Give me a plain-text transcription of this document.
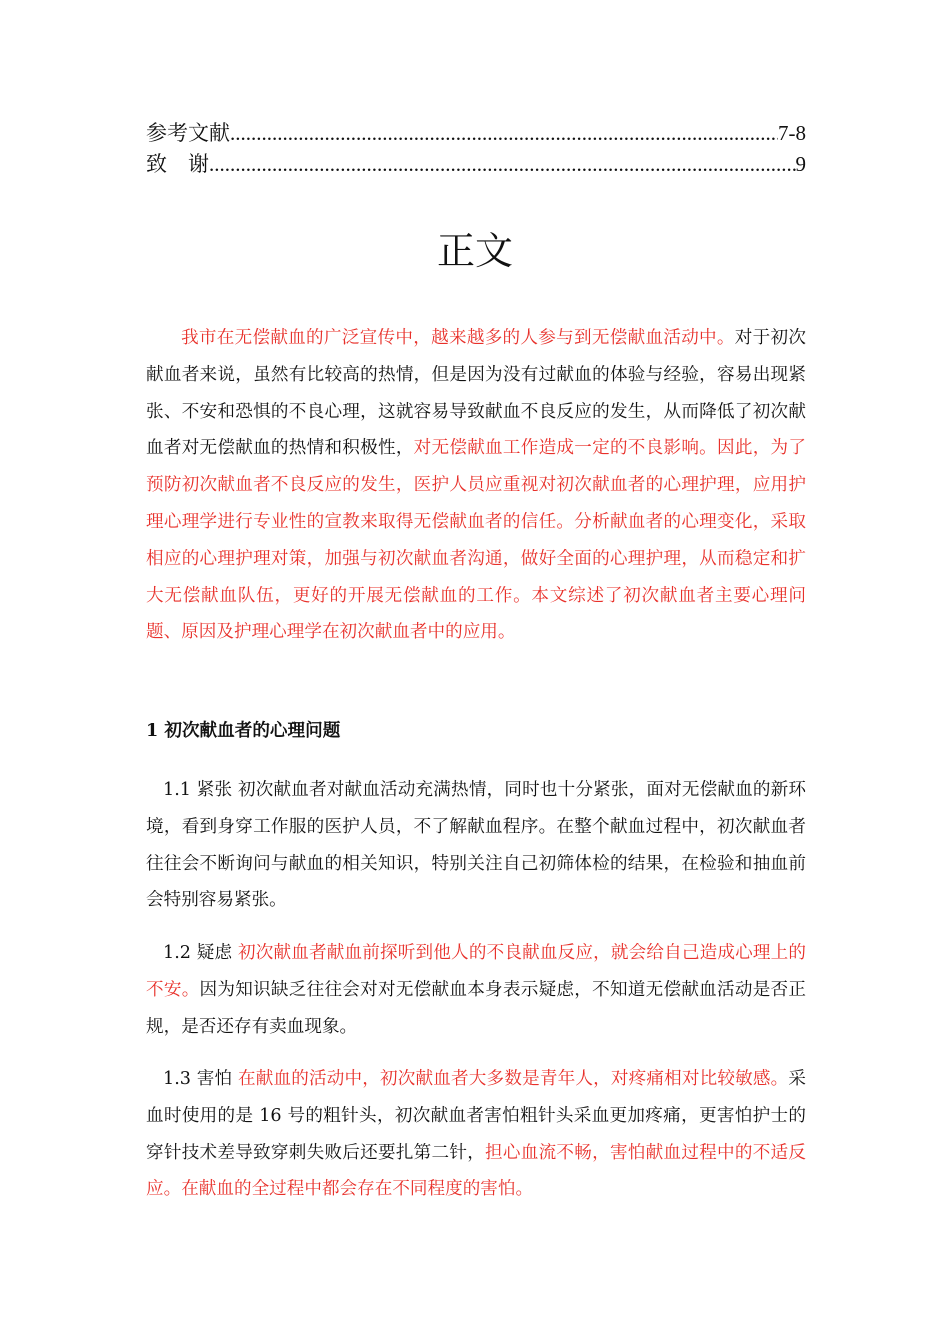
参考文献 .....	7-8
致　谢 .....	9
正文

我市在无偿献血的广泛宣传中，越来越多的人参与到无偿献血活动中。对于初次献血者来说，虽然有比较高的热情，但是因为没有过献血的体验与经验，容易出现紧张、不安和恐惧的不良心理，这就容易导致献血不良反应的发生，从而降低了初次献血者对无偿献血的热情和积极性，对无偿献血工作造成一定的不良影响。因此，为了预防初次献血者不良反应的发生，医护人员应重视对初次献血者的心理护理，应用护理心理学进行专业性的宣教来取得无偿献血者的信任。分析献血者的心理变化，采取相应的心理护理对策，加强与初次献血者沟通，做好全面的心理护理，从而稳定和扩大无偿献血队伍，更好的开展无偿献血的工作。本文综述了初次献血者主要心理问题、原因及护理心理学在初次献血者中的应用。

1 初次献血者的心理问题

1.1 紧张 初次献血者对献血活动充满热情，同时也十分紧张，面对无偿献血的新环境，看到身穿工作服的医护人员，不了解献血程序。在整个献血过程中，初次献血者往往会不断询问与献血的相关知识，特别关注自己初筛体检的结果，在检验和抽血前会特别容易紧张。

1.2 疑虑 初次献血者献血前探听到他人的不良献血反应，就会给自己造成心理上的不安。因为知识缺乏往往会对对无偿献血本身表示疑虑，不知道无偿献血活动是否正规，是否还存有卖血现象。

1.3 害怕 在献血的活动中，初次献血者大多数是青年人，对疼痛相对比较敏感。采血时使用的是 16 号的粗针头，初次献血者害怕粗针头采血更加疼痛，更害怕护士的穿针技术差导致穿刺失败后还要扎第二针，担心血流不畅，害怕献血过程中的不适反应。在献血的全过程中都会存在不同程度的害怕。
